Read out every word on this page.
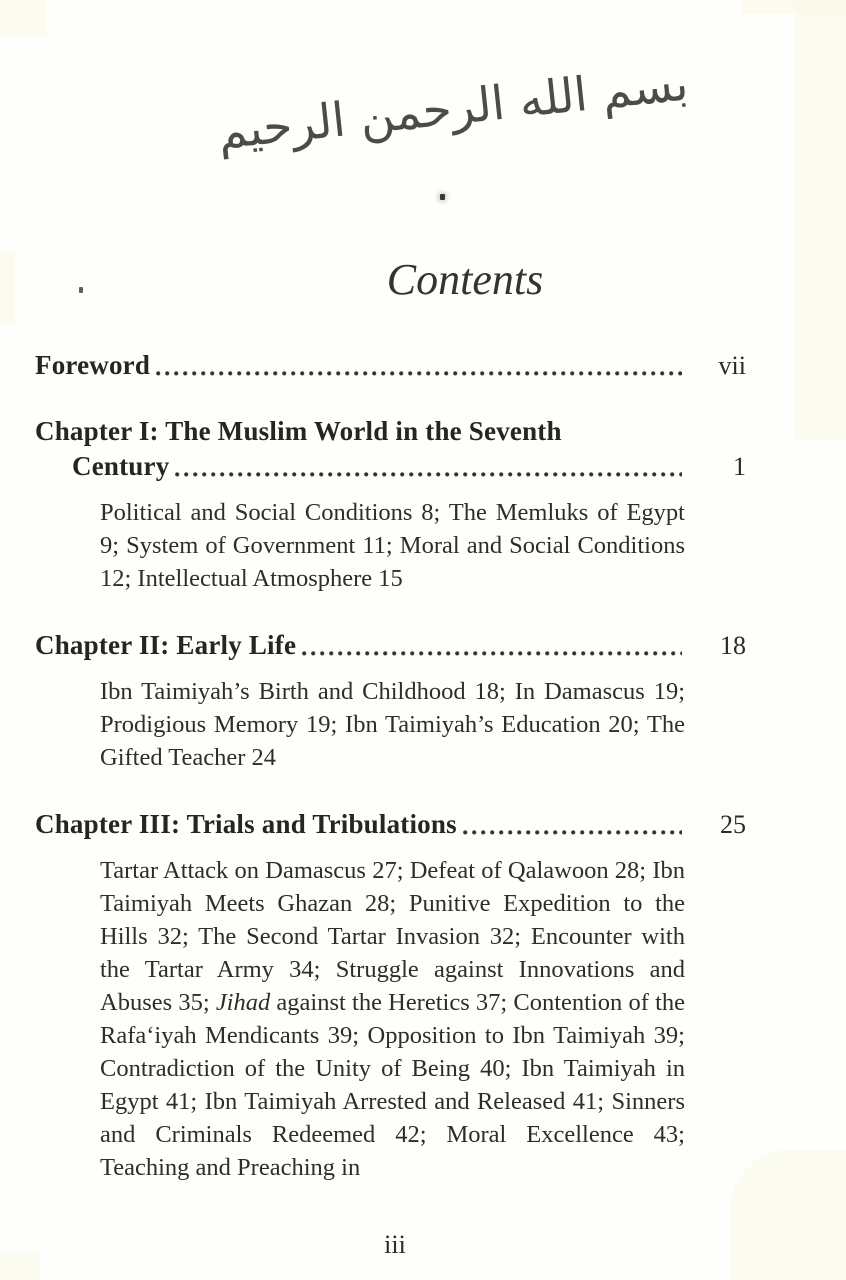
بسم الله الرحمن الرحيم
Contents
Foreword	vii
Chapter I: The Muslim World in the Seventh
Century	1
Political and Social Conditions 8; The Memluks of Egypt 9; System of Government 11; Moral and Social Conditions 12; Intellectual Atmosphere 15
Chapter II: Early Life	18
Ibn Taimiyah’s Birth and Childhood 18; In Damascus 19; Prodigious Memory 19; Ibn Taimiyah’s Education 20; The Gifted Teacher 24
Chapter III: Trials and Tribulations	25
Tartar Attack on Damascus 27; Defeat of Qalawoon 28; Ibn Taimiyah Meets Ghazan 28; Punitive Expedition to the Hills 32; The Second Tartar Invasion 32; Encounter with the Tartar Army 34; Struggle against Innovations and Abuses 35; Jihad against the Heretics 37; Contention of the Rafa‘iyah Mendicants 39; Opposition to Ibn Taimiyah 39; Contradiction of the Unity of Being 40; Ibn Taimiyah in Egypt 41; Ibn Taimiyah Arrested and Released 41; Sinners and Criminals Redeemed 42; Moral Excellence 43; Teaching and Preaching in
iii
